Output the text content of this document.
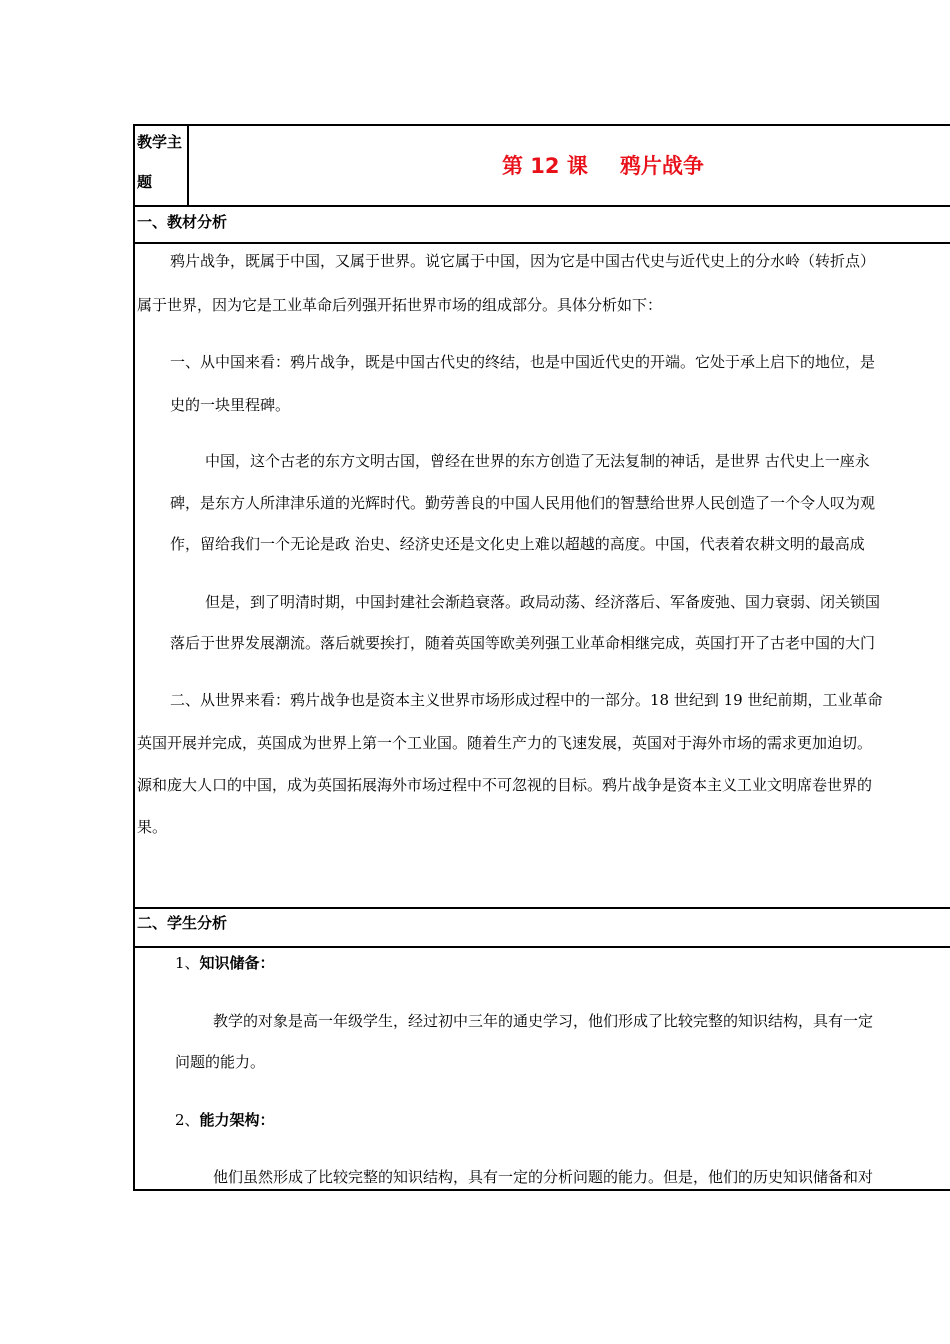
教学主
题
第 12 课 鸦片战争
一、教材分析
鸦片战争，既属于中国，又属于世界。说它属于中国，因为它是中国古代史与近代史上的分水岭（转折点）
属于世界，因为它是工业革命后列强开拓世界市场的组成部分。具体分析如下：
一、从中国来看：鸦片战争，既是中国古代史的终结，也是中国近代史的开端。它处于承上启下的地位，是
史的一块里程碑。
中国，这个古老的东方文明古国，曾经在世界的东方创造了无法复制的神话，是世界 古代史上一座永
碑，是东方人所津津乐道的光辉时代。勤劳善良的中国人民用他们的智慧给世界人民创造了一个令人叹为观
作，留给我们一个无论是政 治史、经济史还是文化史上难以超越的高度。中国，代表着农耕文明的最高成
但是，到了明清时期，中国封建社会渐趋衰落。政局动荡、经济落后、军备废弛、国力衰弱、闭关锁国
落后于世界发展潮流。落后就要挨打，随着英国等欧美列强工业革命相继完成，英国打开了古老中国的大门
二、从世界来看：鸦片战争也是资本主义世界市场形成过程中的一部分。18 世纪到 19 世纪前期，工业革命
英国开展并完成，英国成为世界上第一个工业国。随着生产力的飞速发展，英国对于海外市场的需求更加迫切。
源和庞大人口的中国，成为英国拓展海外市场过程中不可忽视的目标。鸦片战争是资本主义工业文明席卷世界的
果。
二、学生分析
1、知识储备：
教学的对象是高一年级学生，经过初中三年的通史学习，他们形成了比较完整的知识结构，具有一定
问题的能力。
2、能力架构：
他们虽然形成了比较完整的知识结构，具有一定的分析问题的能力。但是，他们的历史知识储备和对
